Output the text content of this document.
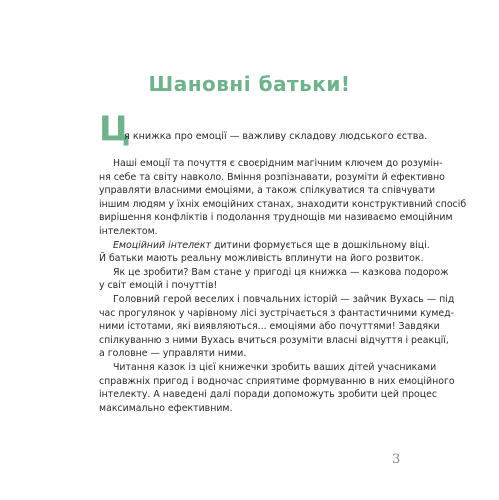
Шановні батьки!
Ц
я книжка про емоції — важливу складову людського єства.
Наші емоції та почуття є своєрідним магічним ключем до розумін-
ня себе та світу навколо. Вміння розпізнавати, розуміти й ефективно
управляти власними емоціями, а також спілкуватися та співчувати
іншим людям у їхніх емоційних станах, знаходити конструктивний спосіб
вирішення конфліктів і подолання труднощів ми називаємо емоційним
інтелектом.
Емоційний інтелект дитини формується ще в дошкільному віці.
Й батьки мають реальну можливість вплинути на його розвиток.
Як це зробити? Вам стане у пригоді ця книжка — казкова подорож
у світ емоцій і почуттів!
Головний герой веселих і повчальних історій — зайчик Вухась — під
час прогулянок у чарівному лісі зустрічається з фантастичними кумед-
ними істотами, які виявляються... емоціями або почуттями! Завдяки
спілкуванню з ними Вухась вчиться розуміти власні відчуття і реакції,
а головне — управляти ними.
Читання казок із цієї книжечки зробить ваших дітей учасниками
справжніх пригод і водночас сприятиме формуванню в них емоційного
інтелекту. А наведені далі поради допоможуть зробити цей процес
максимально ефективним.
3
